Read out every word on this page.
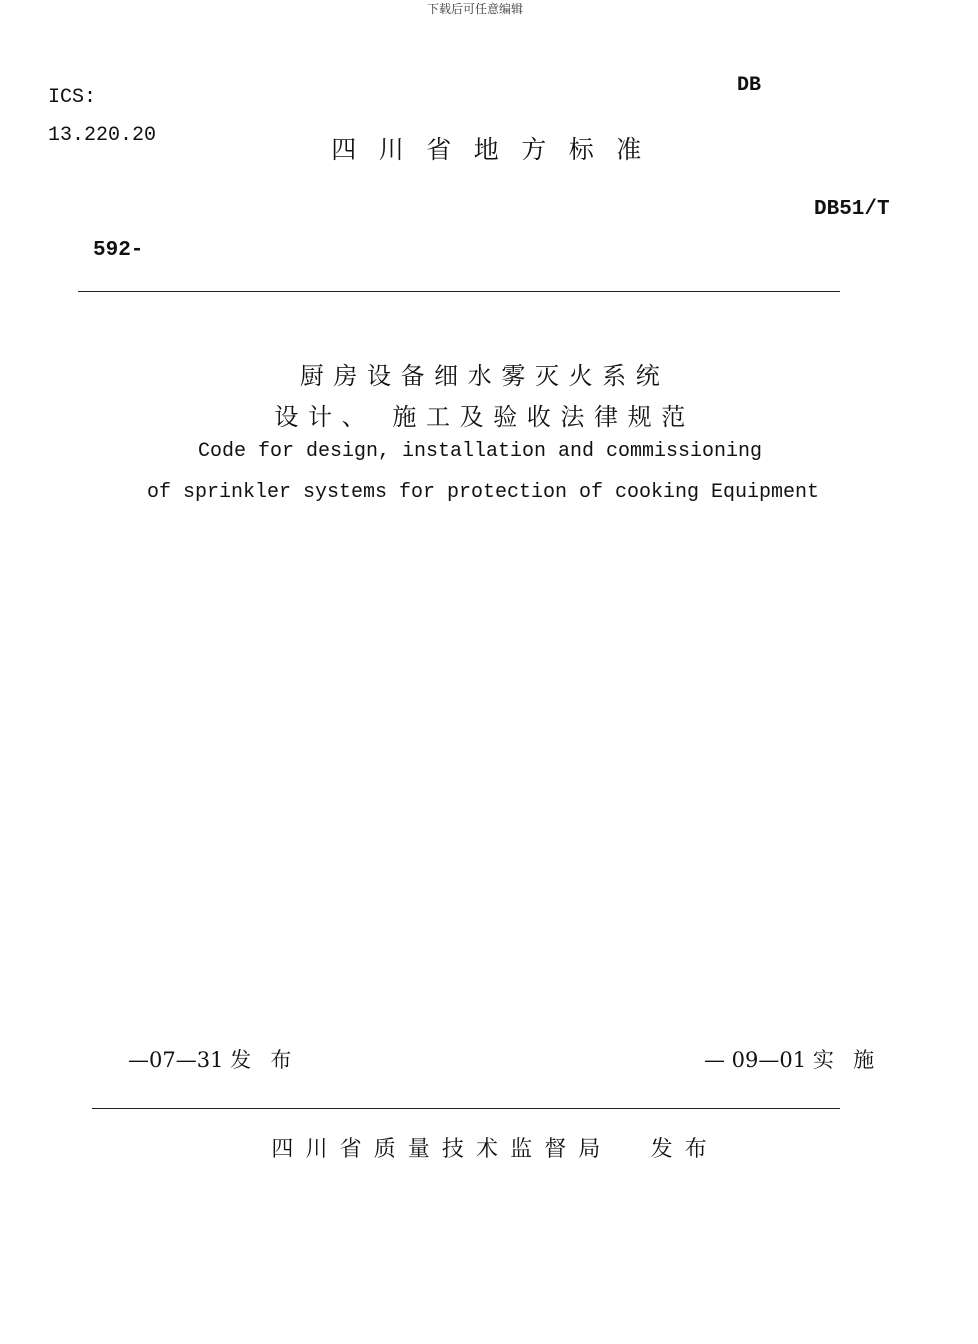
下载后可任意编辑
ICS:
13.220.20
DB
四川省地方标准
DB51/T
592-
厨房设备细水雾灭火系统
设计、 施工及验收法律规范
Code for design, installation and commissioning
of sprinkler systems for protection of cooking Equipment
—07—31 发 布	— 09—01 实 施
四川省质量技术监督局 发布
